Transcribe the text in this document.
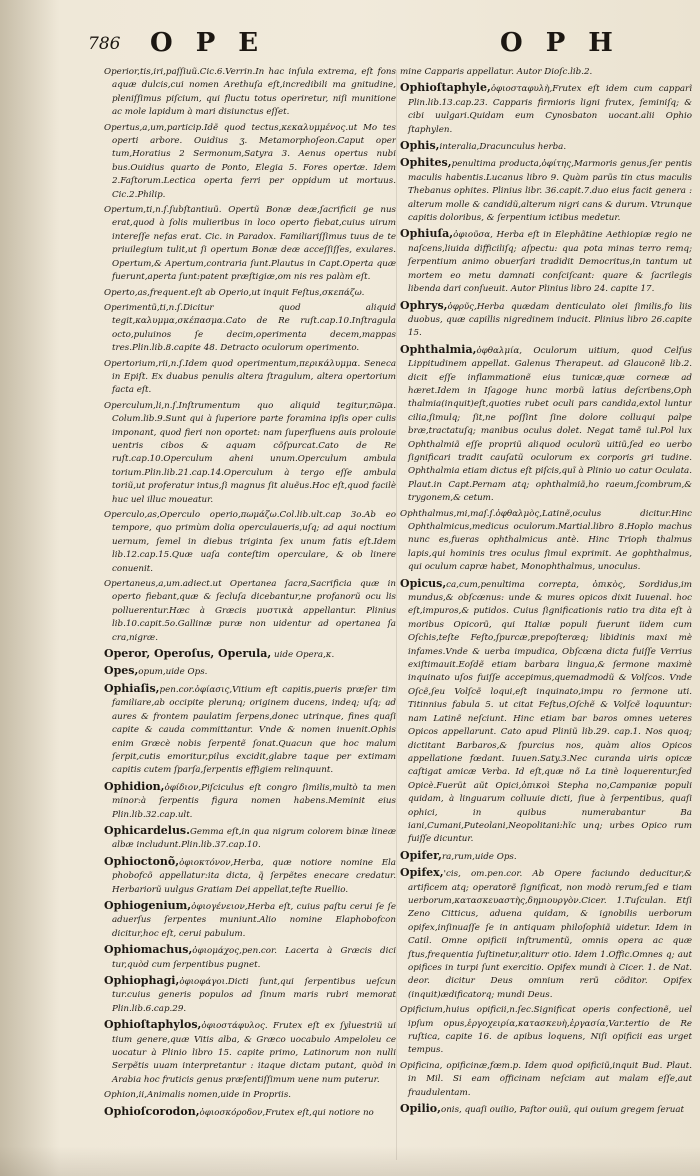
786 O P E	O P H

Operior,tis,iri,paſſiuũ.Cic.6.Verrin.In hac inſula extrema, eſt fons aquæ dulcis,cui nomen Arethuſa eſt,incredibili ma gnitudine, pleniſſimus piſcium, qui fluctu totus operiretur, niſi munitione ac mole lapidum à mari disiunctus eſſet.

Opertus,a,um,particip.Idẽ quod tectus,κεκαλυμμένος.ut Mo tes operti arbore. Ouidius ʒ. Metamorphoſeon.Caput oper tum,Horatius 2 Sermonum,Satyra 3. Aenus opertus nubi bus.Ouidius quarto de Ponto, Elegia 5. Fores opertæ. Idem 2.Faſtorum.Lectica operta ferri per oppidum ut mortuus. Cic.2.Philip.

Opertum,ti,n.ſ.ſubſtantiuũ. Opertũ Bonæ deæ,ſacrificii ge nus erat,quod à ſolis mulieribus in loco operto fiebat,cuius uirum intereſſe nefas erat. Cic. in Paradox. Familiariſſimus tuus de te priuilegium tulit,ut ſi opertum Bonæ deæ acceſſiſſes, exulares. Opertum,& Apertum,contraria ſunt.Plautus in Capt.Operta quæ fuerunt,aperta ſunt:patent præſtigiæ,om nis res palàm eſt.

Operto,as,frequent.eſt ab Operio,ut inquit Feſtus,σκεπάζω.

Operimentũ,ti,n.ſ.Dicitur quod aliquid tegit,καλυμμα,σκέπασμα.Cato de Re ruſt.cap.10.Inſtragula octo,puluinos ſe decim,operimenta decem,mappas tres.Plin.lib.8.capite 48. Detracto oculorum operimento.

Opertorium,rii,n.ſ.Idem quod operimentum,περικάλυμμα. Seneca in Epiſt. Ex duabus penulis altera ſtragulum, altera opertorium facta eſt.

Operculum,li,n.ſ.Inſtrumentum quo aliquid tegitur,πῶμα. Colum.lib.9.Sunt qui à ſuperiore parte foramina ipſis oper culis imponant, quod fieri non oportet: nam ſuperfluens auis prolouie uentris cibos & aquam cõſpurcat.Cato de Re ruſt.cap.10.Operculum aheni unum.Operculum ambula torium.Plin.lib.21.cap.14.Operculum à tergo eſſe ambula toriũ,ut proferatur intus,ſi magnus ſit aluẽus.Hoc eſt,quod facilè huc uel illuc moueatur.

Operculo,as,Operculo operio,πωμάζω.Col.lib.ult.cap 3o.Ab eo tempore, quo primùm dolia operculaueris,uſq; ad aqui noctium uernum, ſemel in diebus triginta ſex unum fatis eſt.Idem lib.12.cap.15.Quæ uaſa conteſtim operculare, & ob linere conuenit.

Opertaneus,a,um.adiect.ut Opertanea ſacra,Sacrificia quæ in operto fiebant,quæ & ſecluſa dicebantur,ne profanorũ ocu lis polluerentur.Hæc à Græcis μυστικὰ appellantur. Plinius lib.10.capit.5o.Gallinæ puræ non uidentur ad opertanea ſa cra,nigræ.

Operor, Operoſus, Operula, uide Opera,κ.

Opes,opum,uide Ops.

Ophiaſis,pen.cor.ὀφίασις,Vitium eſt capitis,pueris præſer tim familiare,ab occipite plerunq; originem ducens, indeq; uſq; ad aures & frontem paulatim ſerpens,donec utrinque, fines quaſi capite & cauda committantur. Vnde & nomen inuenit.Ophis enim Græcè nobis ſerpentẽ ſonat.Quacun que hoc malum ſerpit,cutis emoritur,pilus excidit,glabre taque per extimam capitis cutem ſparſa,ſerpentis effigiem relinquunt.

Ophidion,ὀφίδιον,Piſciculus eſt congro ſimilis,multò ta men minor:à ſerpentis figura nomen habens.Meminit eius Plin.lib.32.cap.ult.

Ophicardelus.Gemma eſt,in qua nigrum colorem binæ lineæ albæ includunt.Plin.lib.37.cap.10.

Ophioctonõ,ὀφιοκτόνον,Herba, quæ notiore nomine Ela phobofcõ appellatur:ita dicta, q̃ ſerpẽtes enecare credatur. Herbariorũ uulgus Gratiam Dei appellat,teſte Ruellio.

Ophiogenium,ὀφιογένειον,Herba eſt, cuius paſtu cerui ſe ſe aduerſus ſerpentes muniunt.Alio nomine Elaphobofcon dicitur,hoc eſt, cerui pabulum.

Ophiomachus,ὀφιομάχος,pen.cor. Lacerta à Græcis dici tur,quòd cum ſerpentibus pugnet.

Ophiophagi,ὀφιοφάγοι.Dicti ſunt,qui ſerpentibus ueſcun tur.cuius generis populos ad ſinum maris rubri memorat Plin.lib.6.cap.29.

Ophioſtaphylos,ὀφιοστάφυλος. Frutex eſt ex ſyluestriũ ui tium genere,quæ Vitis alba, & Græco uocabulo Ampeloleu ce uocatur à Plinio libro 15. capite primo, Latinorum non nulli Serpẽtis uuam interpretantur : itaque dictam putant, quòd in Arabia hoc fruticis genus præſentiſſimum uene num puterur.

Ophion,ii,Animalis nomen,uide in Propriis.

Ophioſcorodon,ὀφιοσκόροδον,Frutex eſt,qui notiore no

mine Capparis appellatur. Autor Dioſc.lib.2.

Ophioſtaphyle,ὀφιοσταφυλὴ,Frutex eſt idem cum capparĩ Plin.lib.13.cap.23. Capparis firmioris ligni frutex, ſeminiſq; & cibi uulgari.Quidam eum Cynosbaton uocant.alii Ophio ſtaphylen.

Ophis,interalia,Dracunculus herba.

Ophites,penultima producta,ὀφίτης,Marmoris genus,ſer pentis maculis habentis.Lucanus libro 9. Quàm parũs tin ctus maculis Thebanus ophites. Plinius libr. 36.capit.7.duo eius facit genera : alterum molle & candidũ,alterum nigri cans & durum. Vtrunque capitis doloribus, & ſerpentium ictibus medetur.

Ophiuſa,ὀφιοῦσα, Herba eſt in Elephãtine Aethiopiæ regio ne naſcens,liuida difficiliſq; aſpectu: qua pota minas terro remq; ſerpentium animo obuerſari tradidit Democritus,in tantum ut mortem eo metu damnati conſciſcant: quare & ſacrilegis libenda dari conſueuit. Autor Plinius libro 24. capite 17.

Ophrys,ὀφρῦς,Herba quædam denticulato olei ſimilis,fo liis duobus, quæ capillis nigredinem inducit. Plinius libro 26.capite 15.

Ophthalmia,ὀφθαλμία, Oculorum uitium, quod Celſus Lippitudinem appellat. Galenus Therapeut. ad Glauconẽ lib.2. dicit eſſe inflammationẽ eius tunicæ,quæ corneæ ad hæret.Idem in Iſagoge hunc morbũ latius deſcribens,Oph thalmia(inquit)eſt,quoties rubet oculi pars candida,extol luntur cilia,ſimulq; ſit,ne poſſint ſine dolore colluqui palpe bræ,tractatuſq; manibus oculus dolet. Negat tamẽ iul.Pol lux Ophthalmiã eſſe propriũ aliquod oculorũ uitiũ,ſed eo uerbo ſignificari tradit cauſatũ oculorum ex corporis gri tudine. Ophthalmia etiam dictus eſt piſcis,quĩ à Plinio uo catur Oculata. Plaut.in Capt.Pernam atq; ophthalmiã,ho raeum,ſcombrum,& trygonem,& cetum.

Ophthalmus,mi,maſ.ſ.ὀφθαλμὸς,Latinẽ,oculus dicitur.Hinc Ophthalmicus,medicus oculorum.Martial.libro 8.Hoplo machus nunc es,fueras ophthalmicus antè. Hinc Trioph thalmus lapis,qui hominis tres oculus ſimul exprimit. Ae gophthalmus, qui oculum capræ habet, Monophthalmus, unoculus.

Opicus,ca,cum,penultima correpta, ὀπικὸς, Sordidus,im mundus,& obſcœnus: unde & mures opicos dixit Iuuenal. hoc eſt,impuros,& putidos. Cuius ſignificationis ratio tra dita eſt à moribus Opicorũ, qui Italiæ populi fuerunt iidem cum Oſchis,teſte Feſto,ſpurcæ,prepoſteræq; libidinis maxi mè infames.Vnde & uerba impudica, Obſcœna dicta fuiſſe Verrius exiſtimauit.Eoſdẽ etiam barbara lingua,& ſermone maximè inquinato uſos fuiſſe accepimus,quemadmodũ & Volſcos. Vnde Oſcẽ,ſeu Volſcẽ loqui,eſt inquinato,impu ro ſermone uti. Titinnius fabula 5. ut citat Feſtus,Oſchẽ & Volſcẽ loquuntur: nam Latinẽ neſciunt. Hinc etiam bar baros omnes ueteres Opicos appellarunt. Cato apud Pliniũ lib.29. cap.1. Nos quoq; dictitant Barbaros,& ſpurcius nos, quàm alios Opicos appellatione fœdant. Iuuen.Saty.3.Nec curanda uiris opicæ caſtigat amicæ Verba. Id eſt,quæ nõ La tinè loquerentur,ſed Opicè.Fuerũt aũt Opici,ὀπικοὶ Stepha no,Campaniæ populi quidam, à linguarum colluuie dicti, ſiue à ſerpentibus, quaſi ophici, in quibus numerabantur Ba iani,Cumani,Puteolani,Neopolitani:hĩc unq; urbes Opico rum fuiſſe dicuntur.

Opifer,ra,rum,uide Ops.

Opifex,'cis, om.pen.cor. Ab Opere faciundo deducitur,& artificem atq; operatorẽ ſignificat, non modò rerum,ſed e tiam uerborum,κατασκευαστὴς,δημιουργὸν.Cicer. 1.Tuſculan. Etſi Zeno Citticus, aduena quidam, & ignobilis uerborum opifex,inſinuaſſe ſe in antiquam philoſophiã uidetur. Idem in Catil. Omne opificii inſtrumentũ, omnis opera ac quæ ſtus,frequentia ſuſtinetur,aliturr otio. Idem 1.Offic.Omnes q; aut opifices in turpi ſunt exercitio. Opifex mundi à Cicer. 1. de Nat. deor. dicitur Deus omnium rerũ cõditor. Opifex (inquit)ædificatorq; mundi Deus.

Opificium,huius opificii,n.ſec.Significat operis confectionẽ, uel ipſum opus,ἐργοχειρία,κατασκευὴ,ἐργασία,Var.tertio de Re ruſtica, capite 16. de apibus loquens, Niſi opificii eas urget tempus.

Opificina, opificinæ,fœm.p. Idem quod opificiũ,inquit Bud. Plaut. in Mil. Si eam officinam neſciam aut malam eſſe,aut fraudulentam.

Opilio,onis, quaſi ouilio, Paſtor ouiũ, qui ouium gregem ſeruat
